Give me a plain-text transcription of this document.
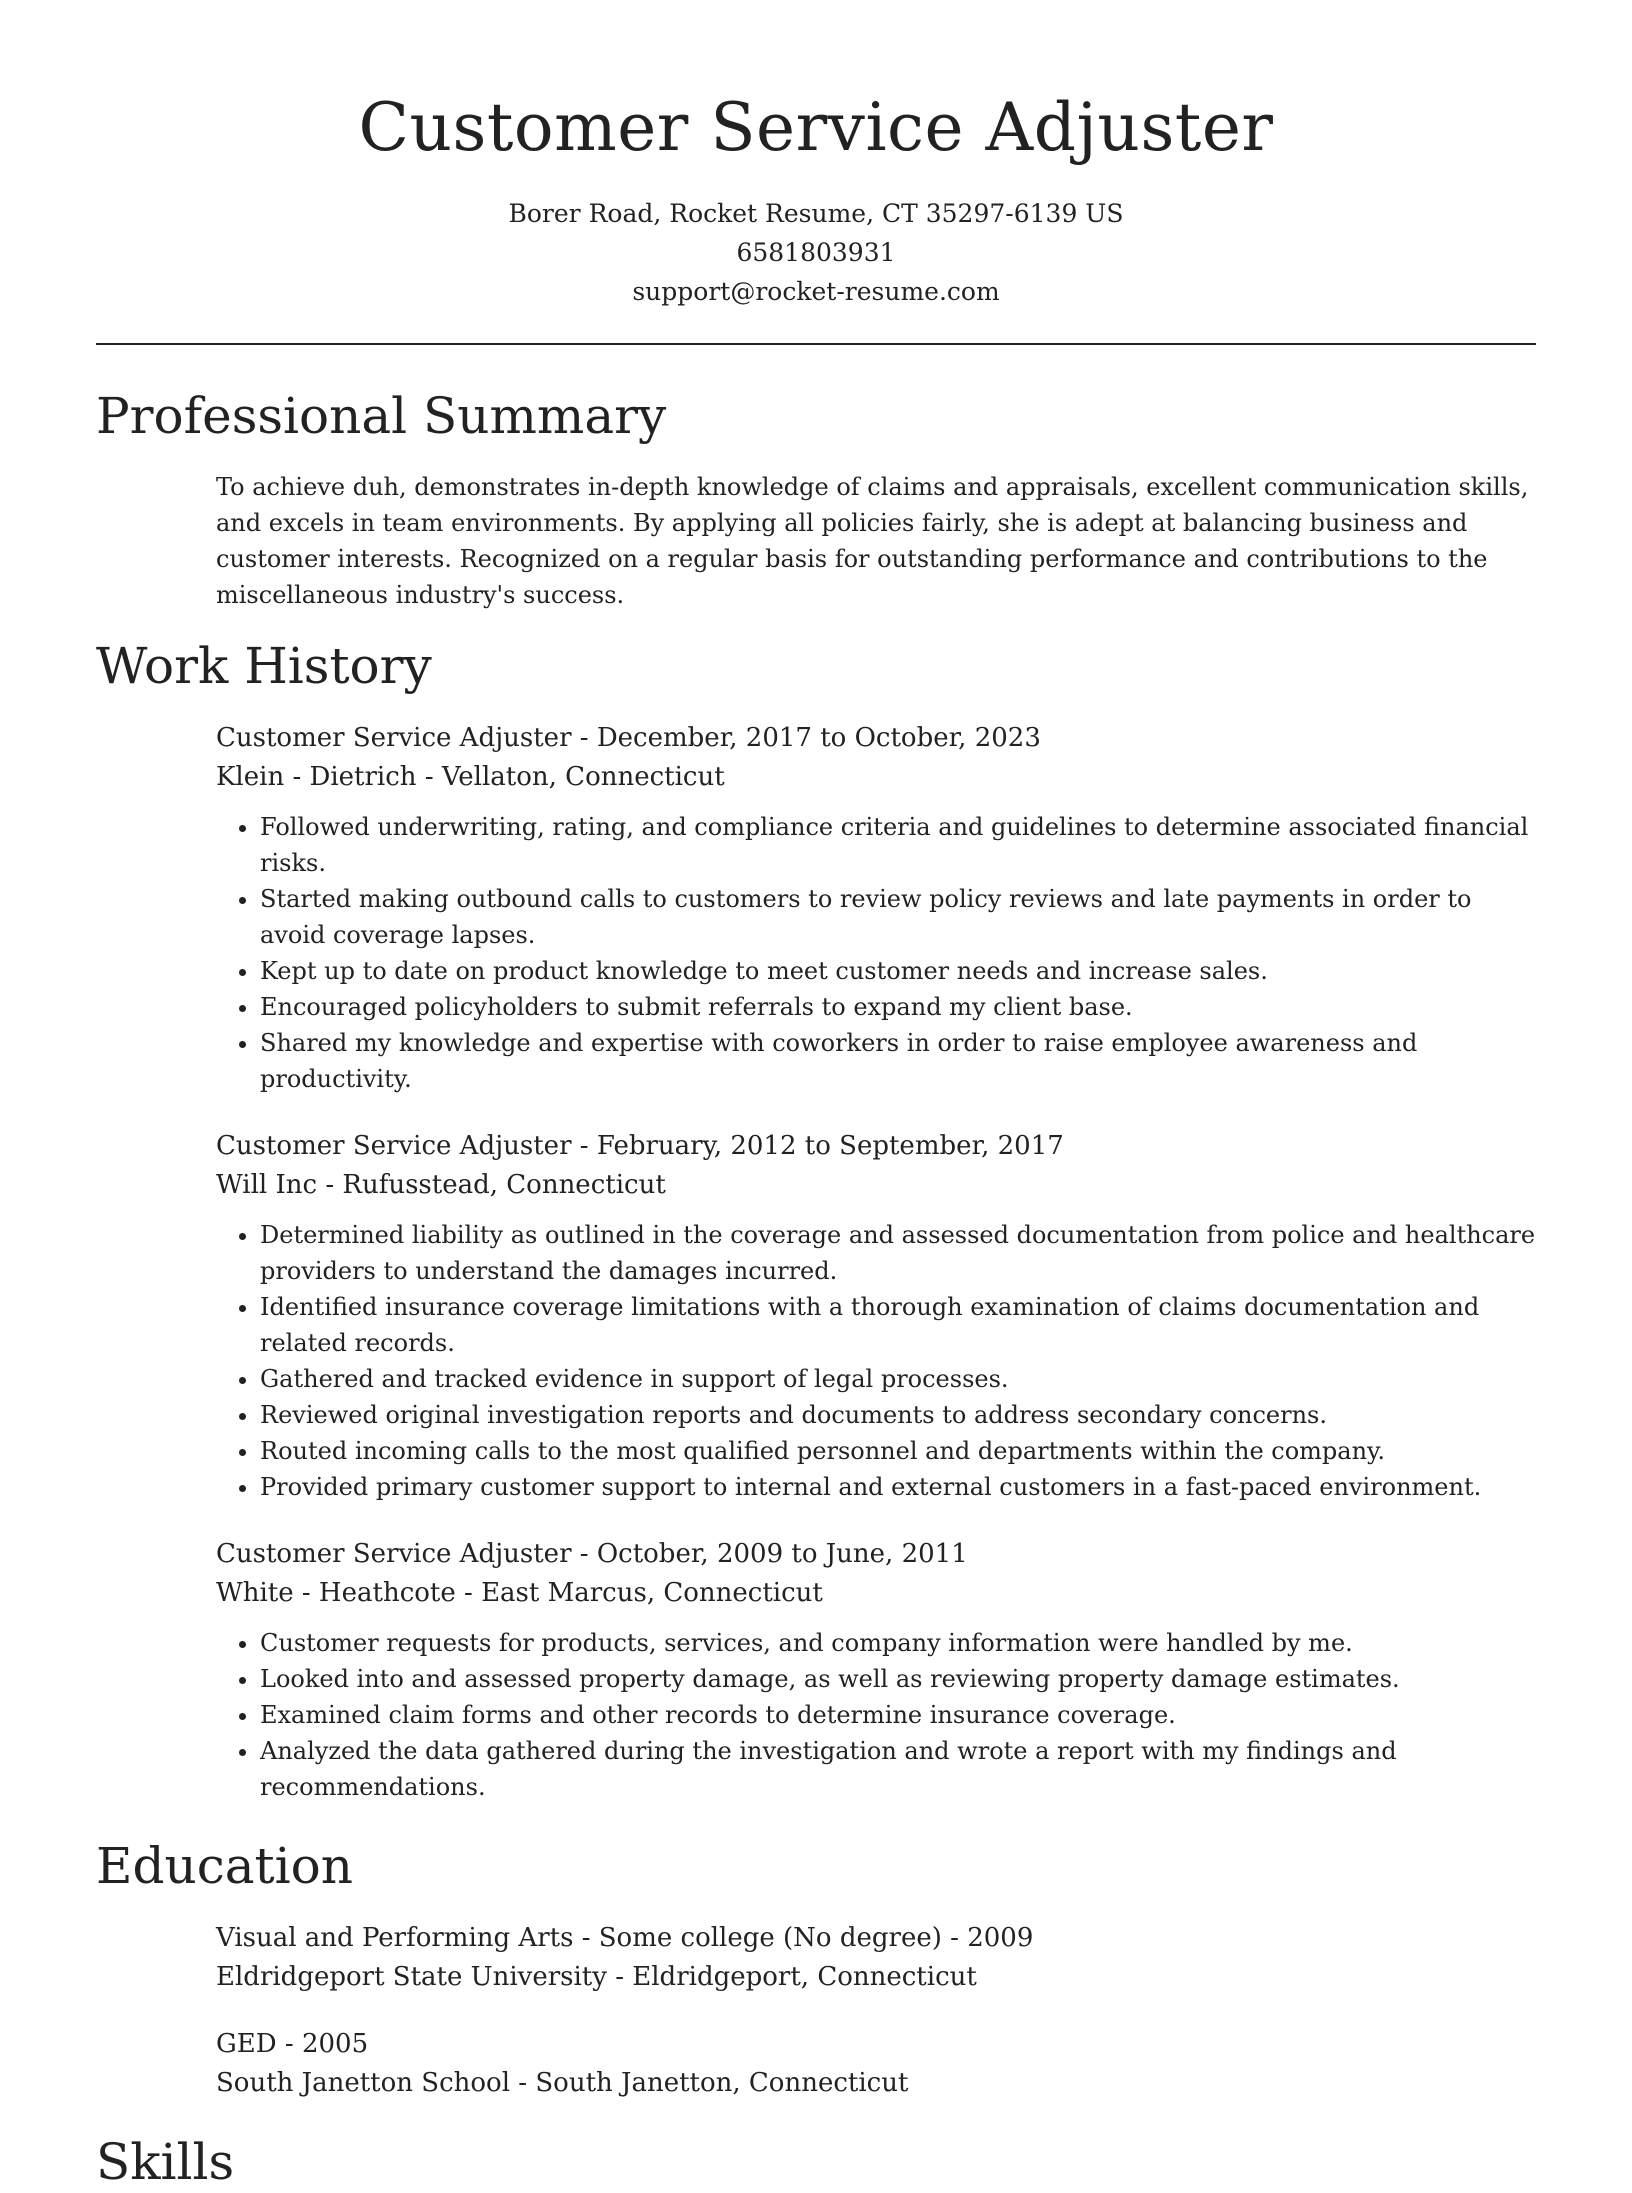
Customer Service Adjuster
Borer Road, Rocket Resume, CT 35297-6139 US
6581803931
support@rocket-resume.com
Professional Summary

To achieve duh, demonstrates in-depth knowledge of claims and appraisals, excellent communication skills, and excels in team environments. By applying all policies fairly, she is adept at balancing business and customer interests. Recognized on a regular basis for outstanding performance and contributions to the miscellaneous industry's success.

Work History
Customer Service Adjuster - December, 2017 to October, 2023
Klein - Dietrich - Vellaton, Connecticut
• Followed underwriting, rating, and compliance criteria and guidelines to determine associated financial risks.
• Started making outbound calls to customers to review policy reviews and late payments in order to avoid coverage lapses.
• Kept up to date on product knowledge to meet customer needs and increase sales.
• Encouraged policyholders to submit referrals to expand my client base.
• Shared my knowledge and expertise with coworkers in order to raise employee awareness and productivity.
Customer Service Adjuster - February, 2012 to September, 2017
Will Inc - Rufusstead, Connecticut
• Determined liability as outlined in the coverage and assessed documentation from police and healthcare providers to understand the damages incurred.
• Identified insurance coverage limitations with a thorough examination of claims documentation and related records.
• Gathered and tracked evidence in support of legal processes.
• Reviewed original investigation reports and documents to address secondary concerns.
• Routed incoming calls to the most qualified personnel and departments within the company.
• Provided primary customer support to internal and external customers in a fast-paced environment.
Customer Service Adjuster - October, 2009 to June, 2011
White - Heathcote - East Marcus, Connecticut
• Customer requests for products, services, and company information were handled by me.
• Looked into and assessed property damage, as well as reviewing property damage estimates.
• Examined claim forms and other records to determine insurance coverage.
• Analyzed the data gathered during the investigation and wrote a report with my findings and recommendations.
Education
Visual and Performing Arts - Some college (No degree) - 2009
Eldridgeport State University - Eldridgeport, Connecticut
GED - 2005
South Janetton School - South Janetton, Connecticut
Skills
